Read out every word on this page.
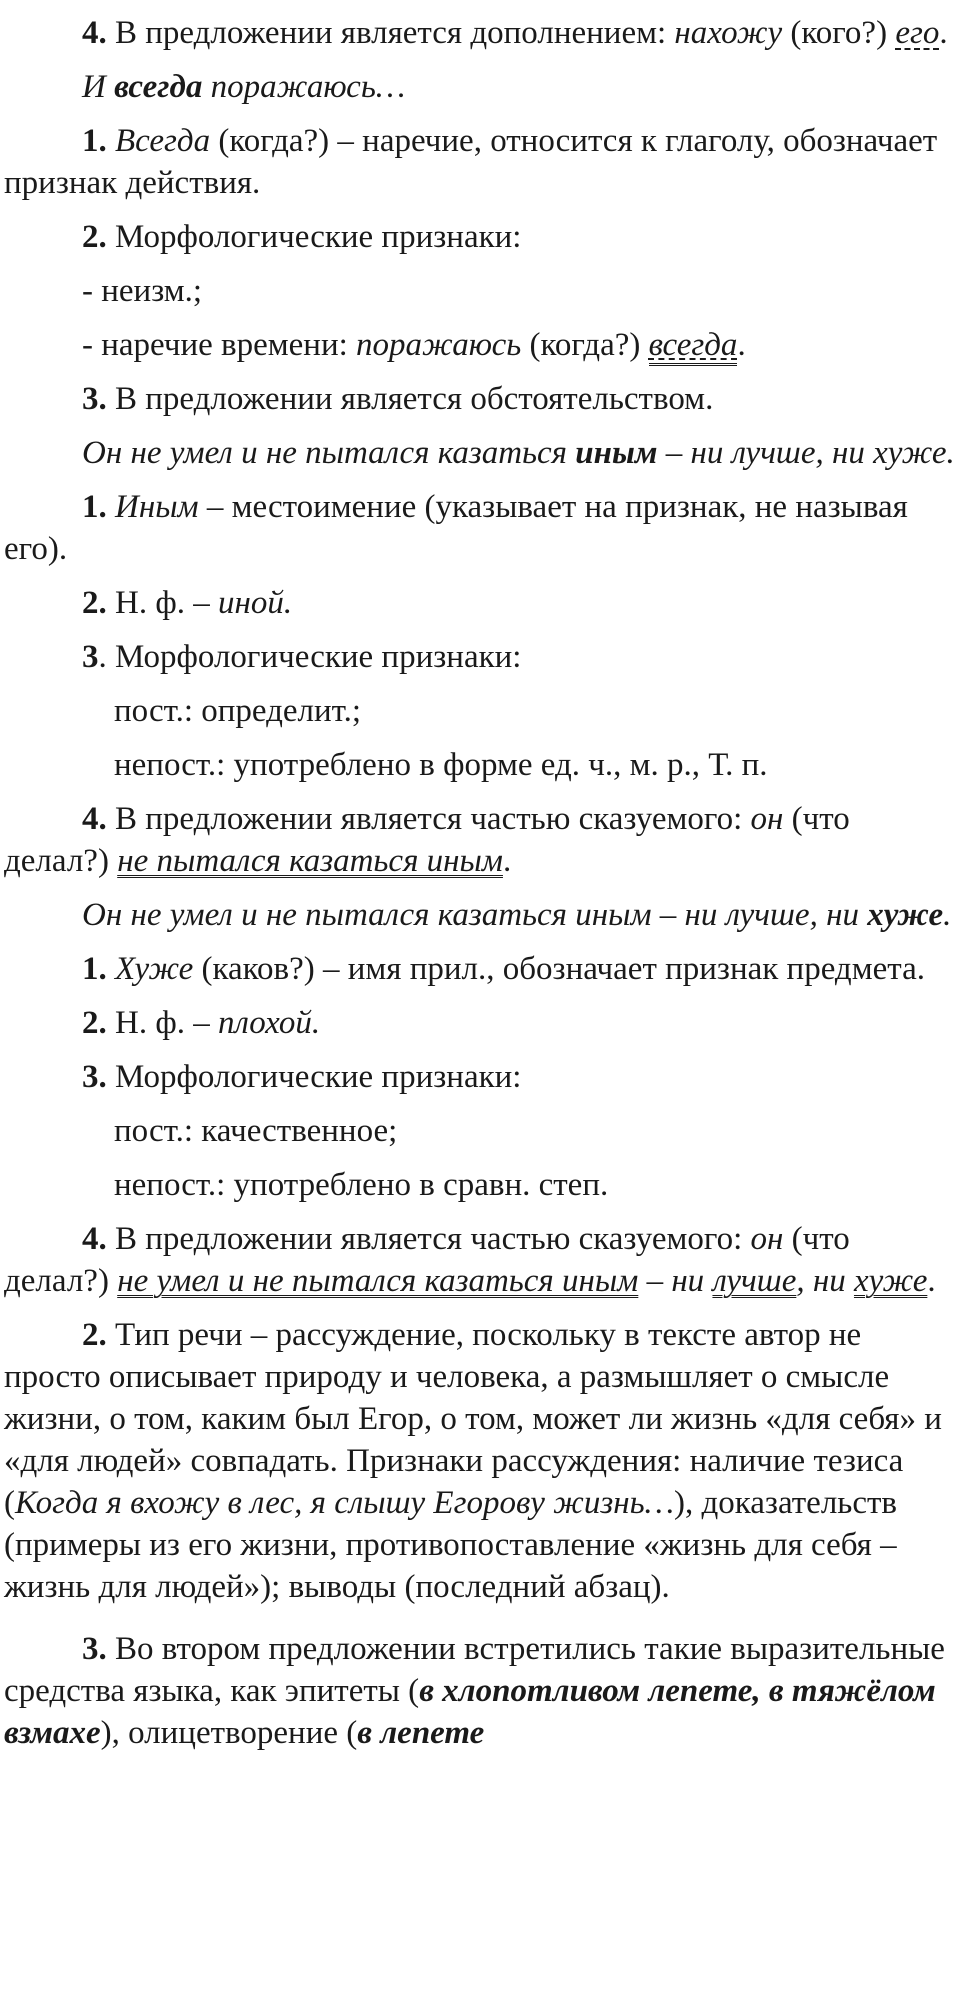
4. В предложении является дополнением: нахожу (кого?) его.

И всегда поражаюсь…

1. Всегда (когда?) – наречие, относится к глаголу, обозначает признак действия.

2. Морфологические признаки:

- неизм.;

- наречие времени: поражаюсь (когда?) всегда.

3. В предложении является обстоятельством.

Он не умел и не пытался казаться иным – ни лучше, ни хуже.

1. Иным – местоимение (указывает на признак, не называя его).

2. Н. ф. – иной.

3. Морфологические признаки:

пост.: определит.;

непост.: употреблено в форме ед. ч., м. р., Т. п.

4. В предложении является частью сказуемого: он (что делал?) не пытался казаться иным.

Он не умел и не пытался казаться иным – ни лучше, ни хуже.

1. Хуже (каков?) – имя прил., обозначает признак предмета.

2. Н. ф. – плохой.

3. Морфологические признаки:

пост.: качественное;

непост.: употреблено в сравн. степ.

4. В предложении является частью сказуемого: он (что делал?) не умел и не пытался казаться иным – ни лучше, ни хуже.

2. Тип речи – рассуждение, поскольку в тексте автор не просто описывает природу и человека, а размышляет о смысле жизни, о том, каким был Егор, о том, может ли жизнь «для себя» и «для людей» совпадать. Признаки рассуждения: наличие тезиса (Когда я вхожу в лес, я слышу Егорову жизнь…), доказательств (примеры из его жизни, противопоставление «жизнь для себя – жизнь для людей»); выводы (последний абзац).

3. Во втором предложении встретились такие выразительные средства языка, как эпитеты (в хлопотливом лепете, в тяжёлом взмахе), олицетворение (в лепете
